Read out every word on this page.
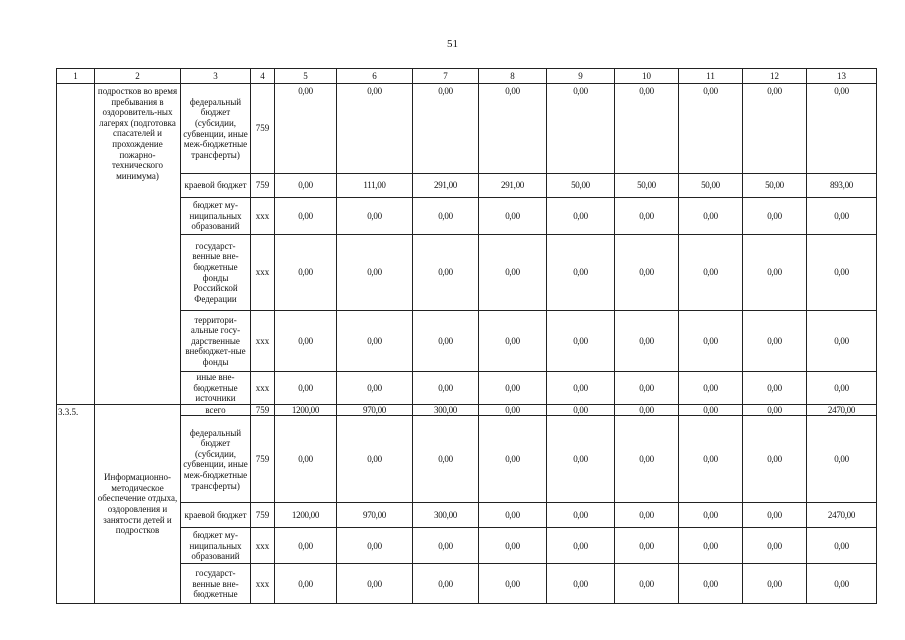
51
1	2	3	4	5	6	7	8	9	10	11	12	13
	подростков во время пребывания в оздоровитель-ных лагерях (подготовка спасателей и прохождение пожарно-технического минимума)	федеральный бюджет (субсидии, субвенции, иные меж-бюджетные трансферты)	759	0,00	0,00	0,00	0,00	0,00	0,00	0,00	0,00	0,00
		краевой бюджет	759	0,00	111,00	291,00	291,00	50,00	50,00	50,00	50,00	893,00
		бюджет му-ниципальных образований	xxx	0,00	0,00	0,00	0,00	0,00	0,00	0,00	0,00	0,00
		государст-венные вне-бюджетные фонды Российской Федерации	xxx	0,00	0,00	0,00	0,00	0,00	0,00	0,00	0,00	0,00
		территори-альные госу-дарственные внебюджет-ные фонды	xxx	0,00	0,00	0,00	0,00	0,00	0,00	0,00	0,00	0,00
		иные вне-бюджетные источники	xxx	0,00	0,00	0,00	0,00	0,00	0,00	0,00	0,00	0,00
3.3.5.	Информационно-методическое обеспечение отдыха, оздоровления и занятости детей и подростков	всего	759	1200,00	970,00	300,00	0,00	0,00	0,00	0,00	0,00	2470,00
		федеральный бюджет (субсидии, субвенции, иные меж-бюджетные трансферты)	759	0,00	0,00	0,00	0,00	0,00	0,00	0,00	0,00	0,00
		краевой бюджет	759	1200,00	970,00	300,00	0,00	0,00	0,00	0,00	0,00	2470,00
		бюджет му-ниципальных образований	xxx	0,00	0,00	0,00	0,00	0,00	0,00	0,00	0,00	0,00
		государст-венные вне-бюджетные	xxx	0,00	0,00	0,00	0,00	0,00	0,00	0,00	0,00	0,00
